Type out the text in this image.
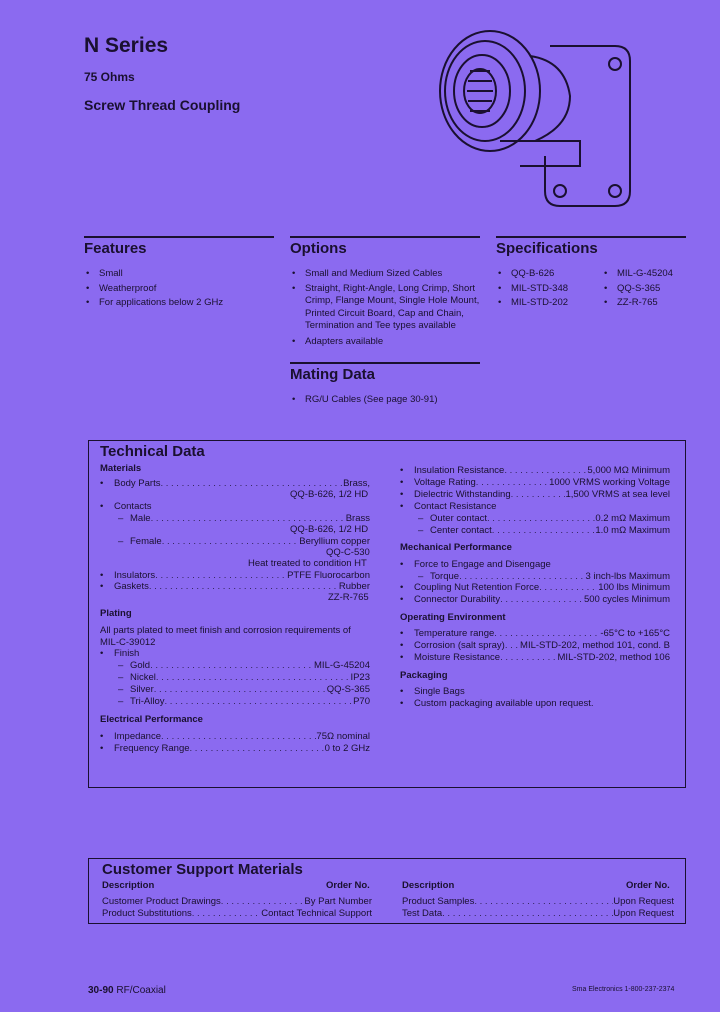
N Series
75 Ohms
Screw Thread Coupling
Features
• Small
• Weatherproof
• For applications below 2 GHz
Options
• Small and Medium Sized Cables
• Straight, Right-Angle, Long Crimp, Short Crimp, Flange Mount, Single Hole Mount, Printed Circuit Board, Cap and Chain, Termination and Tee types available
• Adapters available
Specifications
• QQ-B-626
• MIL-STD-348
• MIL-STD-202
• MIL-G-45204
• QQ-S-365
• ZZ-R-765
Mating Data
• RG/U Cables (See page 30-91)
Technical Data
Materials
• Body Parts . . .	Brass,
QQ-B-626, 1/2 HD
• Contacts
– Male . . .	Brass
QQ-B-626, 1/2 HD
– Female . . .	Beryllium copper
QQ-C-530
Heat treated to condition HT
• Insulators . . .	PTFE Fluorocarbon
• Gaskets . . .	Rubber
ZZ-R-765
Plating
All parts plated to meet finish and corrosion requirements of
MIL-C-39012
• Finish
– Gold . . .	MIL-G-45204
– Nickel . . .	IP23
– Silver . . .	QQ-S-365
– Tri-Alloy . . .	P70
Electrical Performance
• Impedance . . .	75Ω nominal
• Frequency Range . . .	0 to 2 GHz
• Insulation Resistance . . .	5,000 MΩ Minimum
• Voltage Rating . . .	1000 VRMS working Voltage
• Dielectric Withstanding . . .	1,500 VRMS at sea level
• Contact Resistance
– Outer contact . . .	0.2 mΩ Maximum
– Center contact . . .	1.0 mΩ Maximum
Mechanical Performance
• Force to Engage and Disengage
– Torque . . .	3 inch-lbs Maximum
• Coupling Nut Retention Force . . .	100 lbs Minimum
• Connector Durability . . .	500 cycles Minimum
Operating Environment
• Temperature range . . .	-65°C to +165°C
• Corrosion (salt spray) . . . MIL-STD-202, method 101, cond. B
• Moisture Resistance . . .	MIL-STD-202, method 106
Packaging
• Single Bags
• Custom packaging available upon request.
Customer Support Materials
Description	Order No.	Description	Order No.
Customer Product Drawings . . .	By Part Number
Product Substitutions . . .	Contact Technical Support
Product Samples . . .	Upon Request
Test Data . . .	Upon Request
30-90 RF/Coaxial	Sma Electronics 1-800-237-2374
